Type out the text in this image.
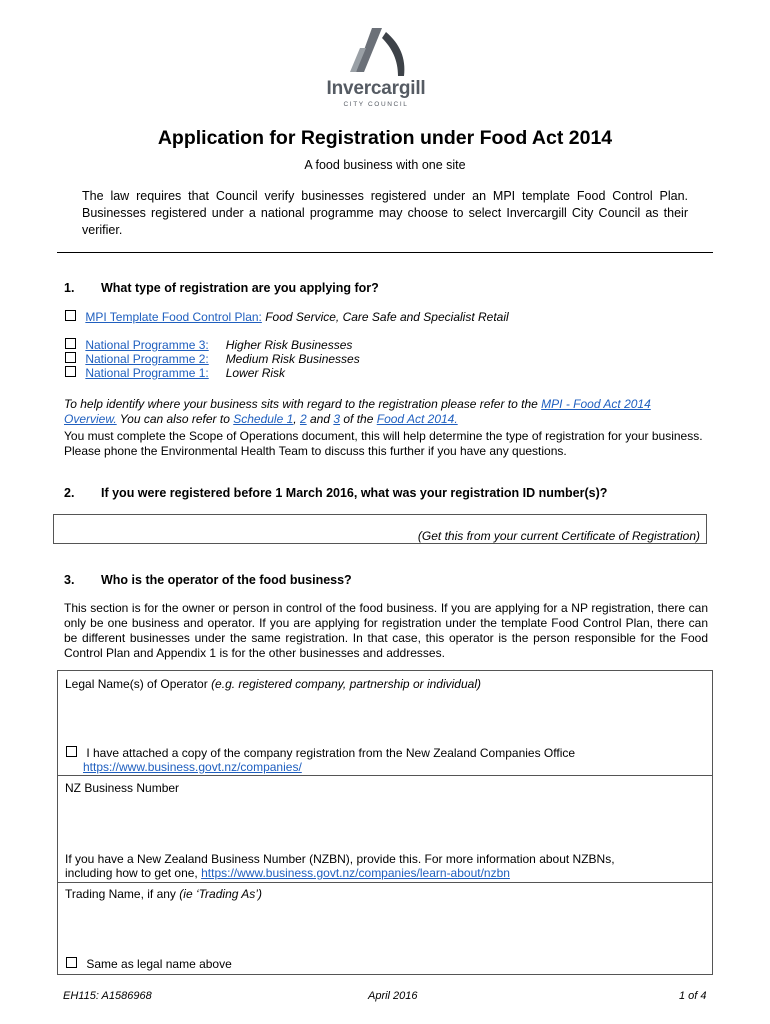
Invercargill
CITY COUNCIL
Application for Registration under Food Act 2014
A food business with one site
The law requires that Council verify businesses registered under an MPI template Food Control Plan. Businesses registered under a national programme may choose to select Invercargill City Council as their verifier.
1. What type of registration are you applying for?
MPI Template Food Control Plan: Food Service, Care Safe and Specialist Retail
National Programme 3: Higher Risk Businesses
National Programme 2: Medium Risk Businesses
National Programme 1: Lower Risk
To help identify where your business sits with regard to the registration please refer to the MPI - Food Act 2014
Overview. You can also refer to Schedule 1, 2 and 3 of the Food Act 2014.
You must complete the Scope of Operations document, this will help determine the type of registration for your business. Please phone the Environmental Health Team to discuss this further if you have any questions.
2. If you were registered before 1 March 2016, what was your registration ID number(s)?
(Get this from your current Certificate of Registration)
3. Who is the operator of the food business?
This section is for the owner or person in control of the food business. If you are applying for a NP registration, there can only be one business and operator. If you are applying for registration under the template Food Control Plan, there can be different businesses under the same registration. In that case, this operator is the person responsible for the Food Control Plan and Appendix 1 is for the other businesses and addresses.
Legal Name(s) of Operator (e.g. registered company, partnership or individual)
I have attached a copy of the company registration from the New Zealand Companies Office
https://www.business.govt.nz/companies/
NZ Business Number
If you have a New Zealand Business Number (NZBN), provide this. For more information about NZBNs,
including how to get one, https://www.business.govt.nz/companies/learn-about/nzbn
Trading Name, if any (ie ‘Trading As’)
Same as legal name above
EH115: A1586968	April 2016	1 of 4
